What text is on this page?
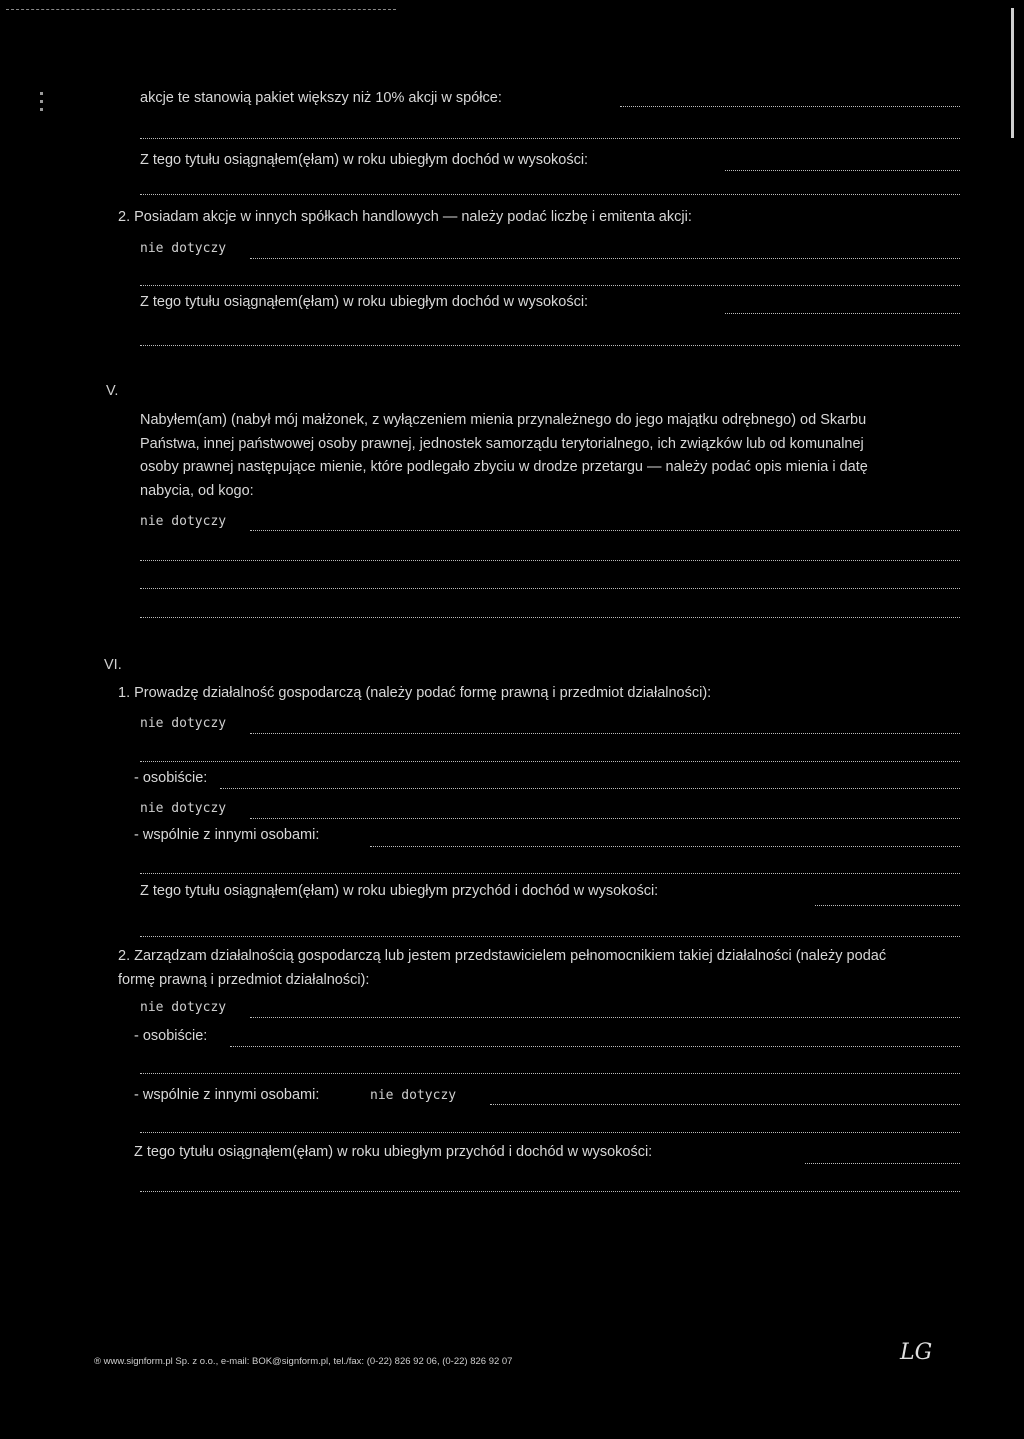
akcje te stanowią pakiet większy niż 10% akcji w spółce:
Z tego tytułu osiągnąłem(ęłam) w roku ubiegłym dochód w wysokości:
2. Posiadam akcje w innych spółkach handlowych — należy podać liczbę i emitenta akcji:
nie dotyczy
Z tego tytułu osiągnąłem(ęłam) w roku ubiegłym dochód w wysokości:
V.
Nabyłem(am) (nabył mój małżonek, z wyłączeniem mienia przynależnego do jego majątku odrębnego) od Skarbu Państwa, innej państwowej osoby prawnej, jednostek samorządu terytorialnego, ich związków lub od komunalnej osoby prawnej następujące mienie, które podlegało zbyciu w drodze przetargu — należy podać opis mienia i datę nabycia, od kogo:
nie dotyczy
VI.
1. Prowadzę działalność gospodarczą (należy podać formę prawną i przedmiot działalności):
nie dotyczy
- osobiście:
nie dotyczy
- wspólnie z innymi osobami:
Z tego tytułu osiągnąłem(ęłam) w roku ubiegłym przychód i dochód w wysokości:
2. Zarządzam działalnością gospodarczą lub jestem przedstawicielem pełnomocnikiem takiej działalności (należy podać formę prawną i przedmiot działalności):
nie dotyczy
- osobiście:
- wspólnie z innymi osobami:	nie dotyczy
Z tego tytułu osiągnąłem(ęłam) w roku ubiegłym przychód i dochód w wysokości:
® www.signform.pl Sp. z o.o., e-mail: BOK@signform.pl, tel./fax: (0-22) 826 92 06, (0-22) 826 92 07	LG
